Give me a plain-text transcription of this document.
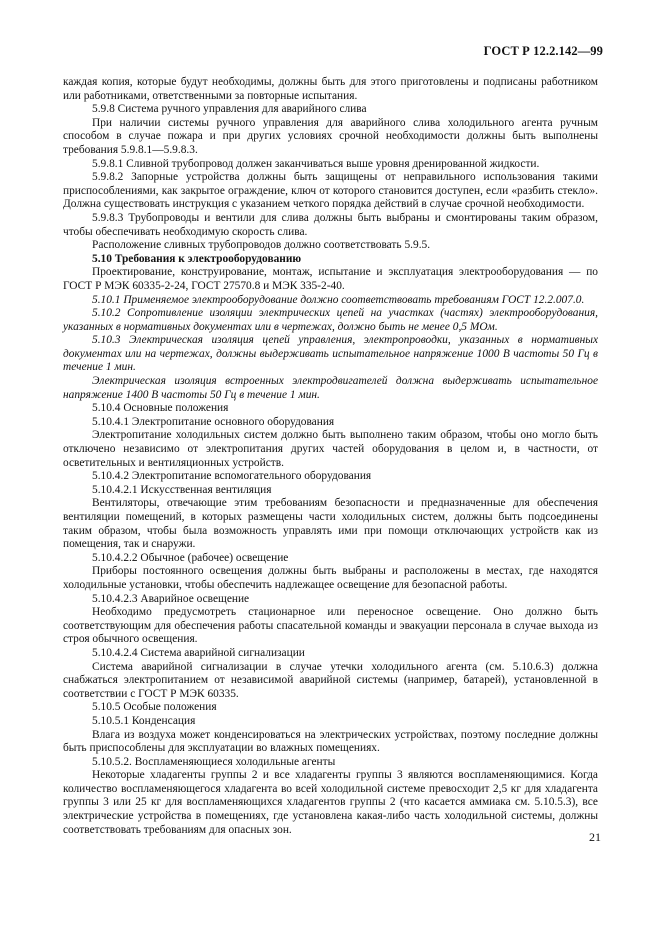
ГОСТ Р 12.2.142—99

каждая копия, которые будут необходимы, должны быть для этого приготовлены и подписаны работником или работниками, ответственными за повторные испытания.

5.9.8 Система ручного управления для аварийного слива

При наличии системы ручного управления для аварийного слива холодильного агента ручным способом в случае пожара и при других условиях срочной необходимости должны быть выполнены требования 5.9.8.1—5.9.8.3.

5.9.8.1 Сливной трубопровод должен заканчиваться выше уровня дренированной жидкости.

5.9.8.2 Запорные устройства должны быть защищены от неправильного использования такими приспособлениями, как закрытое ограждение, ключ от которого становится доступен, если «разбить стекло». Должна существовать инструкция с указанием четкого порядка действий в случае срочной необходимости.

5.9.8.3 Трубопроводы и вентили для слива должны быть выбраны и смонтированы таким образом, чтобы обеспечивать необходимую скорость слива.

Расположение сливных трубопроводов должно соответствовать 5.9.5.

5.10 Требования к электрооборудованию

Проектирование, конструирование, монтаж, испытание и эксплуатация электрооборудования — по ГОСТ Р МЭК 60335-2-24, ГОСТ 27570.8 и МЭК 335-2-40.

5.10.1 Применяемое электрооборудование должно соответствовать требованиям ГОСТ 12.2.007.0.

5.10.2 Сопротивление изоляции электрических цепей на участках (частях) электрооборудования, указанных в нормативных документах или в чертежах, должно быть не менее 0,5 МОм.

5.10.3 Электрическая изоляция цепей управления, электропроводки, указанных в нормативных документах или на чертежах, должны выдерживать испытательное напряжение 1000 В частоты 50 Гц в течение 1 мин.

Электрическая изоляция встроенных электродвигателей должна выдерживать испытательное напряжение 1400 В частоты 50 Гц в течение 1 мин.

5.10.4 Основные положения

5.10.4.1 Электропитание основного оборудования

Электропитание холодильных систем должно быть выполнено таким образом, чтобы оно могло быть отключено независимо от электропитания других частей оборудования в целом и, в частности, от осветительных и вентиляционных устройств.

5.10.4.2 Электропитание вспомогательного оборудования

5.10.4.2.1 Искусственная вентиляция

Вентиляторы, отвечающие этим требованиям безопасности и предназначенные для обеспечения вентиляции помещений, в которых размещены части холодильных систем, должны быть подсоединены таким образом, чтобы была возможность управлять ими при помощи отключающих устройств как из помещения, так и снаружи.

5.10.4.2.2 Обычное (рабочее) освещение

Приборы постоянного освещения должны быть выбраны и расположены в местах, где находятся холодильные установки, чтобы обеспечить надлежащее освещение для безопасной работы.

5.10.4.2.3 Аварийное освещение

Необходимо предусмотреть стационарное или переносное освещение. Оно должно быть соответствующим для обеспечения работы спасательной команды и эвакуации персонала в случае выхода из строя обычного освещения.

5.10.4.2.4 Система аварийной сигнализации

Система аварийной сигнализации в случае утечки холодильного агента (см. 5.10.6.3) должна снабжаться электропитанием от независимой аварийной системы (например, батарей), установленной в соответствии с ГОСТ Р МЭК 60335.

5.10.5 Особые положения

5.10.5.1 Конденсация

Влага из воздуха может конденсироваться на электрических устройствах, поэтому последние должны быть приспособлены для эксплуатации во влажных помещениях.

5.10.5.2. Воспламеняющиеся холодильные агенты

Некоторые хладагенты группы 2 и все хладагенты группы 3 являются воспламеняющимися. Когда количество воспламеняющегося хладагента во всей холодильной системе превосходит 2,5 кг для хладагента группы 3 или 25 кг для воспламеняющихся хладагентов группы 2 (что касается аммиака см. 5.10.5.3), все электрические устройства в помещениях, где установлена какая-либо часть холодильной системы, должны соответствовать требованиям для опасных зон.

21
